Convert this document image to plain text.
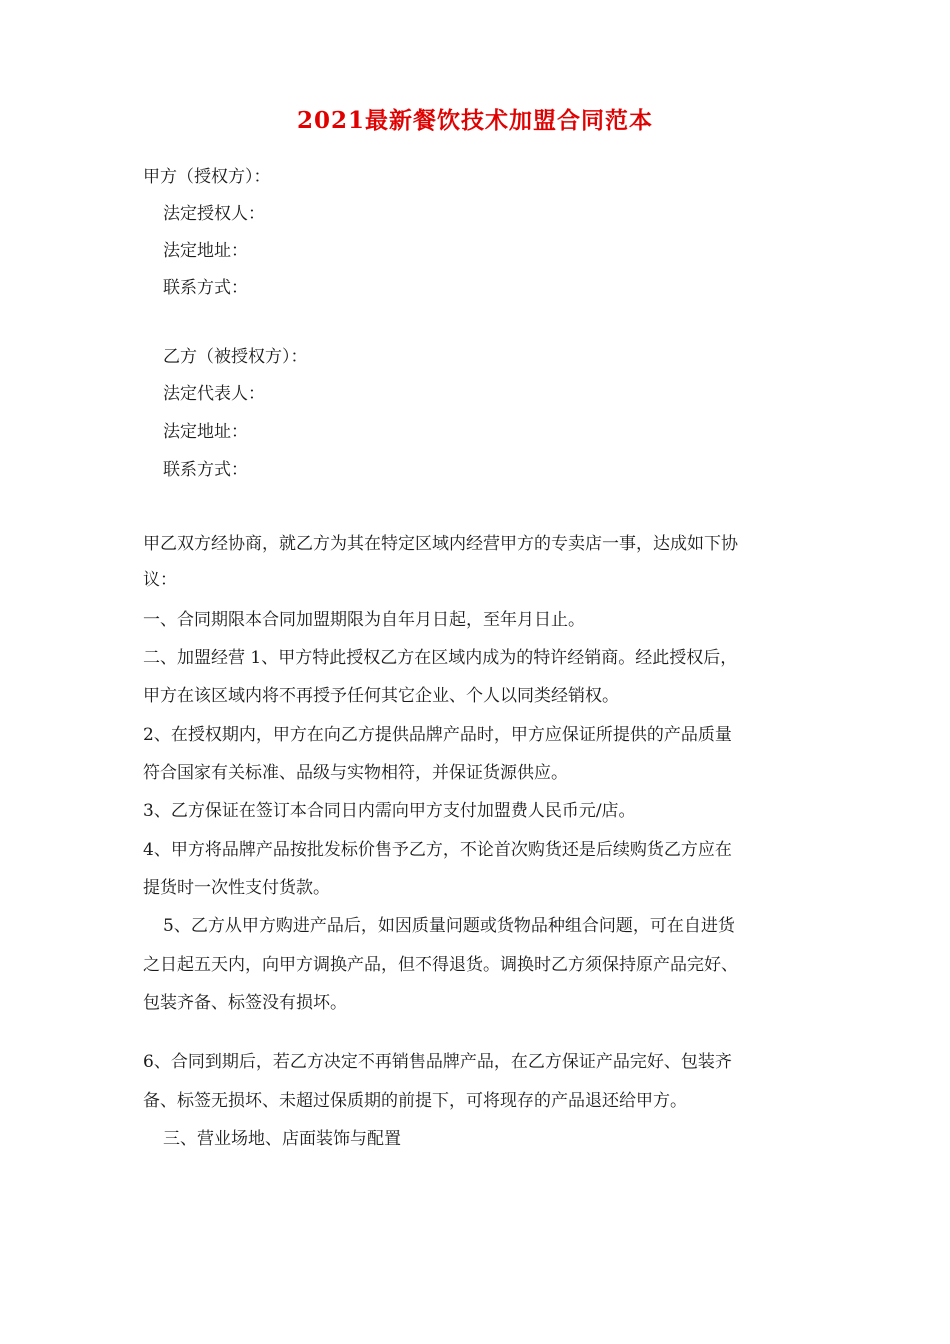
2021最新餐饮技术加盟合同范本
甲方（授权方）：
法定授权人：
法定地址：
联系方式：
乙方（被授权方）：
法定代表人：
法定地址：
联系方式：
甲乙双方经协商，就乙方为其在特定区域内经营甲方的专卖店一事，达成如下协
议：
一、合同期限本合同加盟期限为自年月日起，至年月日止。
二、加盟经营 1、甲方特此授权乙方在区域内成为的特许经销商。经此授权后，
甲方在该区域内将不再授予任何其它企业、个人以同类经销权。
2、在授权期内，甲方在向乙方提供品牌产品时，甲方应保证所提供的产品质量
符合国家有关标准、品级与实物相符，并保证货源供应。
3、乙方保证在签订本合同日内需向甲方支付加盟费人民币元/店。
4、甲方将品牌产品按批发标价售予乙方，不论首次购货还是后续购货乙方应在
提货时一次性支付货款。
5、乙方从甲方购进产品后，如因质量问题或货物品种组合问题，可在自进货
之日起五天内，向甲方调换产品，但不得退货。调换时乙方须保持原产品完好、
包装齐备、标签没有损坏。
6、合同到期后，若乙方决定不再销售品牌产品，在乙方保证产品完好、包装齐
备、标签无损坏、未超过保质期的前提下，可将现存的产品退还给甲方。
三、营业场地、店面装饰与配置
